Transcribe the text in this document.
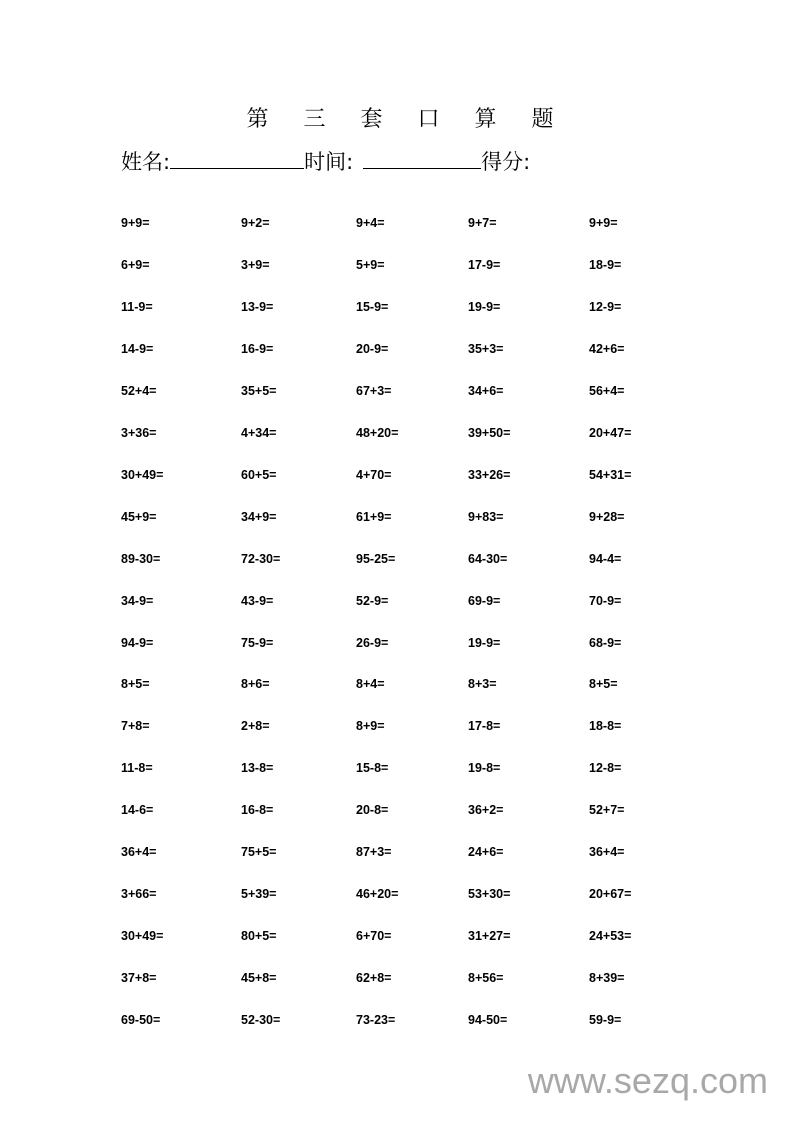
第 三 套 口 算 题
姓名:	时间:	得分:
9+9=	9+2=	9+4=	9+7=	9+9=
6+9=	3+9=	5+9=	17-9=	18-9=
11-9=	13-9=	15-9=	19-9=	12-9=
14-9=	16-9=	20-9=	35+3=	42+6=
52+4=	35+5=	67+3=	34+6=	56+4=
3+36=	4+34=	48+20=	39+50=	20+47=
30+49=	60+5=	4+70=	33+26=	54+31=
45+9=	34+9=	61+9=	9+83=	9+28=
89-30=	72-30=	95-25=	64-30=	94-4=
34-9=	43-9=	52-9=	69-9=	70-9=
94-9=	75-9=	26-9=	19-9=	68-9=
8+5=	8+6=	8+4=	8+3=	8+5=
7+8=	2+8=	8+9=	17-8=	18-8=
11-8=	13-8=	15-8=	19-8=	12-8=
14-6=	16-8=	20-8=	36+2=	52+7=
36+4=	75+5=	87+3=	24+6=	36+4=
3+66=	5+39=	46+20=	53+30=	20+67=
30+49=	80+5=	6+70=	31+27=	24+53=
37+8=	45+8=	62+8=	8+56=	8+39=
69-50=	52-30=	73-23=	94-50=	59-9=
www.sezq.com
